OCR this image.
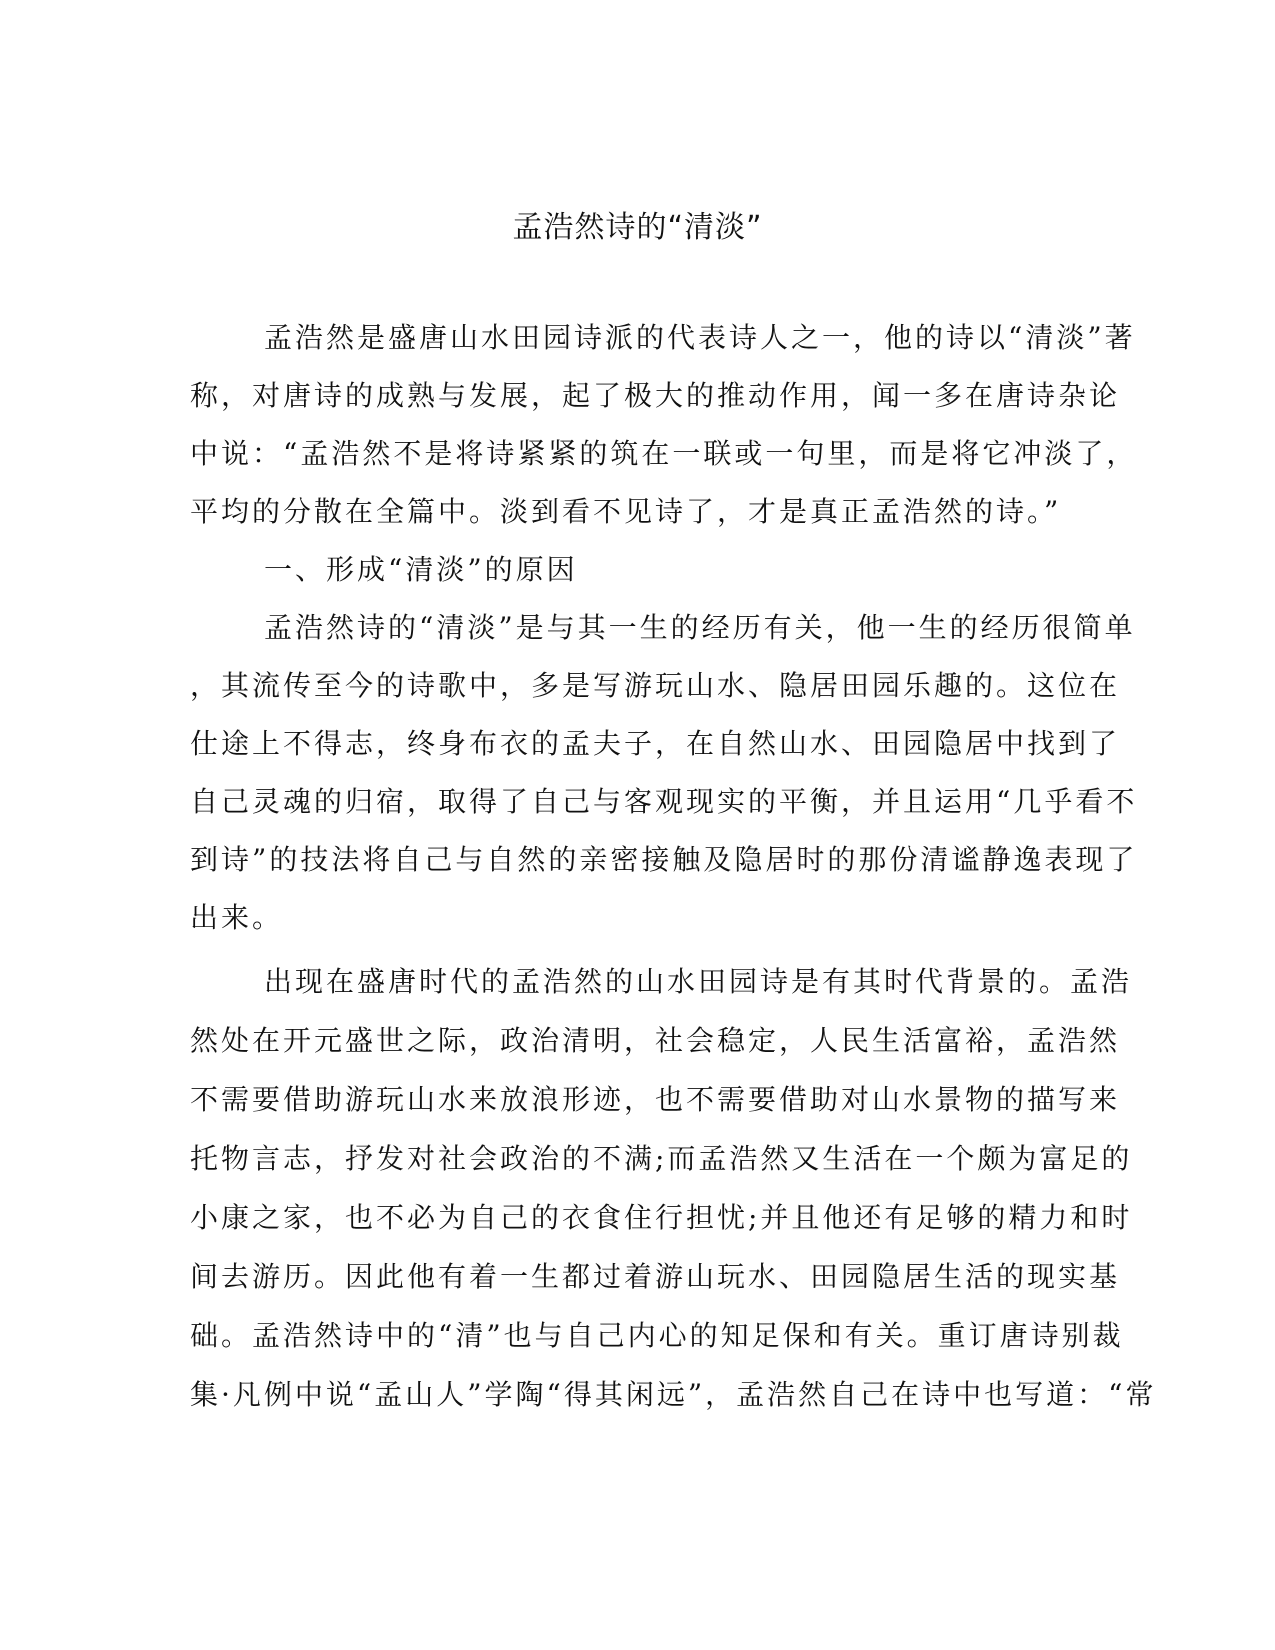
孟浩然诗的“清淡”
孟浩然是盛唐山水田园诗派的代表诗人之一，他的诗以“清淡”著
称，对唐诗的成熟与发展，起了极大的推动作用，闻一多在唐诗杂论
中说：“孟浩然不是将诗紧紧的筑在一联或一句里，而是将它冲淡了，
平均的分散在全篇中。淡到看不见诗了，才是真正孟浩然的诗。”
一、形成“清淡”的原因
孟浩然诗的“清淡”是与其一生的经历有关，他一生的经历很简单
，其流传至今的诗歌中，多是写游玩山水、隐居田园乐趣的。这位在
仕途上不得志，终身布衣的孟夫子，在自然山水、田园隐居中找到了
自己灵魂的归宿，取得了自己与客观现实的平衡，并且运用“几乎看不
到诗”的技法将自己与自然的亲密接触及隐居时的那份清谧静逸表现了
出来。
出现在盛唐时代的孟浩然的山水田园诗是有其时代背景的。孟浩
然处在开元盛世之际，政治清明，社会稳定，人民生活富裕，孟浩然
不需要借助游玩山水来放浪形迹，也不需要借助对山水景物的描写来
托物言志，抒发对社会政治的不满;而孟浩然又生活在一个颇为富足的
小康之家，也不必为自己的衣食住行担忧;并且他还有足够的精力和时
间去游历。因此他有着一生都过着游山玩水、田园隐居生活的现实基
础。孟浩然诗中的“清”也与自己内心的知足保和有关。重订唐诗别裁
集·凡例中说“孟山人”学陶“得其闲远”，孟浩然自己在诗中也写道：“常
